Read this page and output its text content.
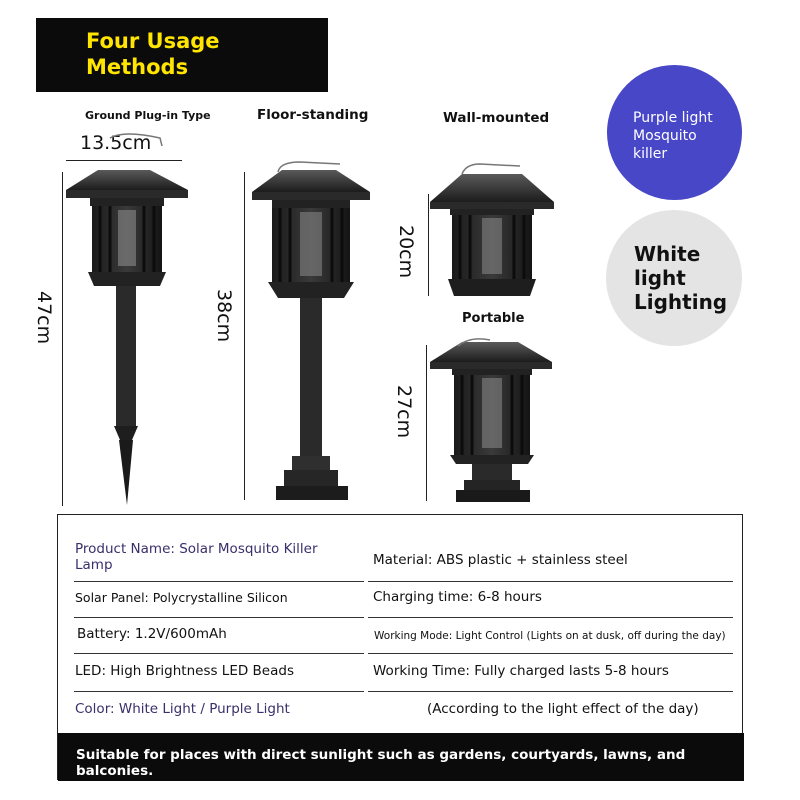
Four Usage Methods
Ground Plug-in Type	Floor-standing	Wall-mounted
Portable
13.5cm
47cm	38cm
20cm
27cm
Purple light Mosquito killer
White light Lighting
Product Name: Solar Mosquito Killer Lamp	Material: ABS plastic + stainless steel
Solar Panel: Polycrystalline Silicon	Charging time: 6-8 hours
Battery: 1.2V/600mAh	Working Mode: Light Control (Lights on at dusk, off during the day)
LED: High Brightness LED Beads	Working Time: Fully charged lasts 5-8 hours
Color: White Light / Purple Light	(According to the light effect of the day)
Suitable for places with direct sunlight such as gardens, courtyards, lawns, and balconies.
